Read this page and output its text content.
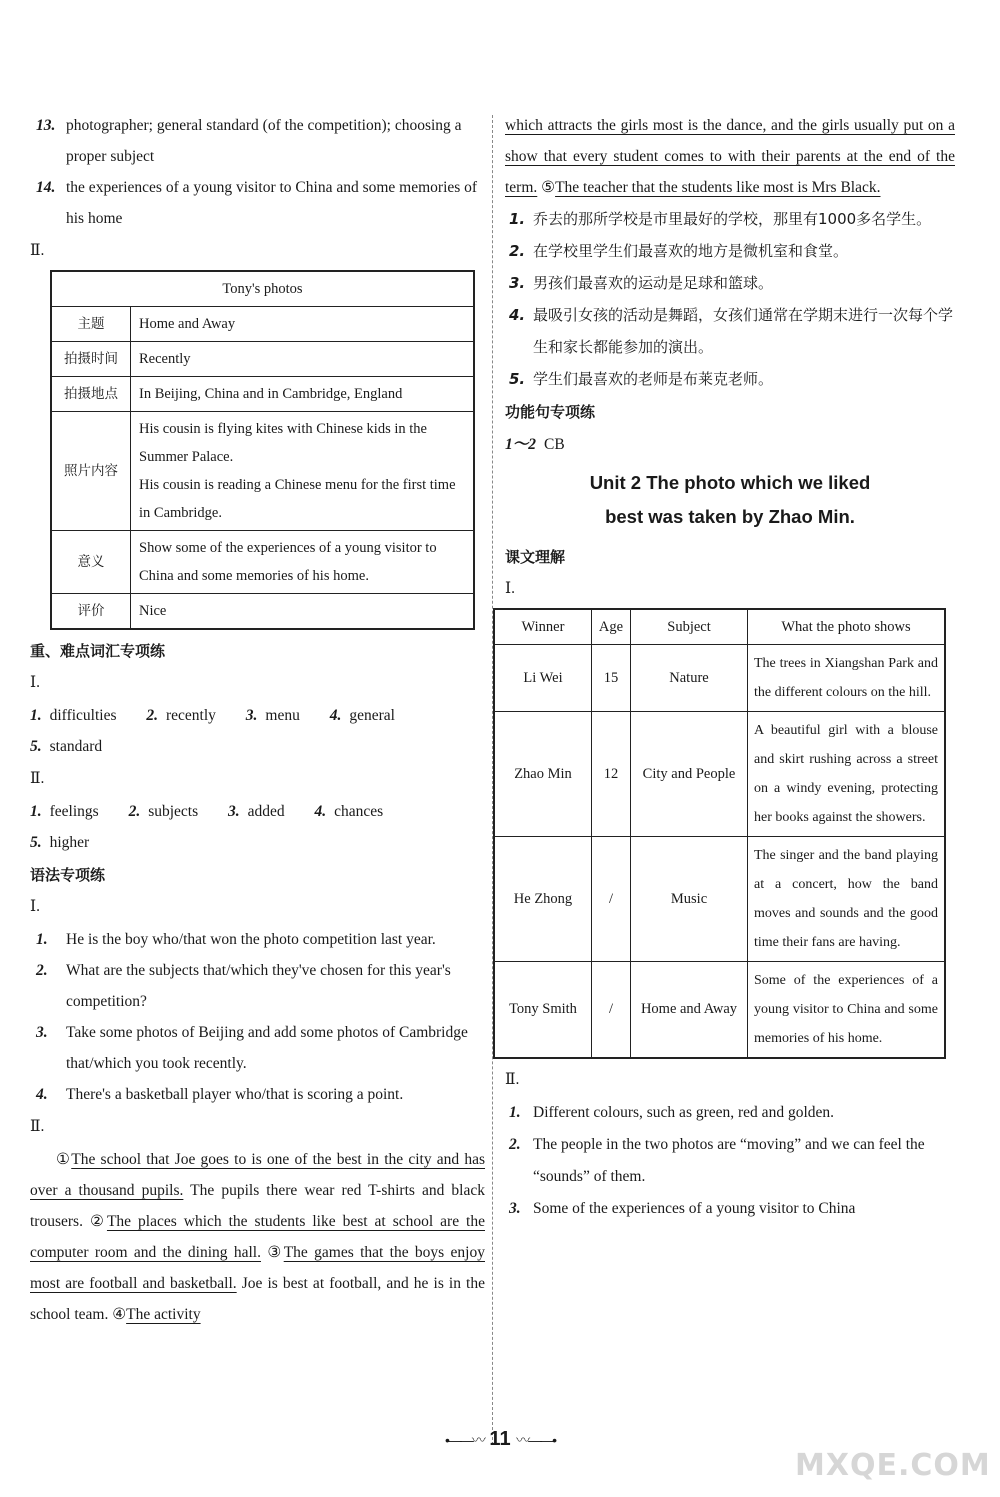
13. photographer; general standard (of the competition); choosing a proper subject

14. the experiences of a young visitor to China and some memories of his home

Ⅱ.

Tony's photos	
主题	Home and Away
拍摄时间	Recently
拍摄地点	In Beijing, China and in Cambridge, England
照片内容	His cousin is flying kites with Chinese kids in the Summer Palace.
His cousin is reading a Chinese menu for the first time in Cambridge.

意义	Show some of the experiences of a young visitor to China and some memories of his home.
评价	Nice

重、难点词汇专项练

Ⅰ.

1. difficulties 2. recently 3. menu 4. general

5. standard

Ⅱ.

1. feelings 2. subjects 3. added 4. chances

5. higher

语法专项练

Ⅰ.

1. He is the boy who/that won the photo competition last year.

2. What are the subjects that/which they've chosen for this year's competition?

3. Take some photos of Beijing and add some photos of Cambridge that/which you took recently.

4. There's a basketball player who/that is scoring a point.

Ⅱ.

①The school that Joe goes to is one of the best in the city and has over a thousand pupils. The pupils there wear red T-shirts and black trousers. ②The places which the students like best at school are the computer room and the dining hall. ③The games that the boys enjoy most are football and basketball. Joe is best at football, and he is in the school team. ④The activity

which attracts the girls most is the dance, and the girls usually put on a show that every student comes to with their parents at the end of the term. ⑤The teacher that the students like most is Mrs Black.

1. 乔去的那所学校是市里最好的学校，那里有1000多名学生。

2. 在学校里学生们最喜欢的地方是微机室和食堂。

3. 男孩们最喜欢的运动是足球和篮球。

4. 最吸引女孩的活动是舞蹈，女孩们通常在学期末进行一次每个学生和家长都能参加的演出。

5. 学生们最喜欢的老师是布莱克老师。

功能句专项练

1～2 CB

Unit 2 The photo which we liked
best was taken by Zhao Min.

课文理解

Ⅰ.

Winner	Age	Subject	What the photo shows
Li Wei	15	Nature	The trees in Xiangshan Park and the different colours on the hill.
Zhao Min	12	City and People	A beautiful girl with a blouse and skirt rushing across a street on a windy evening, protecting her books against the showers.
He Zhong	/	Music	The singer and the band playing at a concert, how the band moves and sounds and the good time their fans are having.
Tony Smith	/	Home and Away	Some of the experiences of a young visitor to China and some memories of his home.

Ⅱ.

1. Different colours, such as green, red and golden.

2. The people in the two photos are “moving” and we can feel the “sounds” of them.

3. Some of the experiences of a young visitor to China

•——〰 11 〰——•
MXQE.COM
